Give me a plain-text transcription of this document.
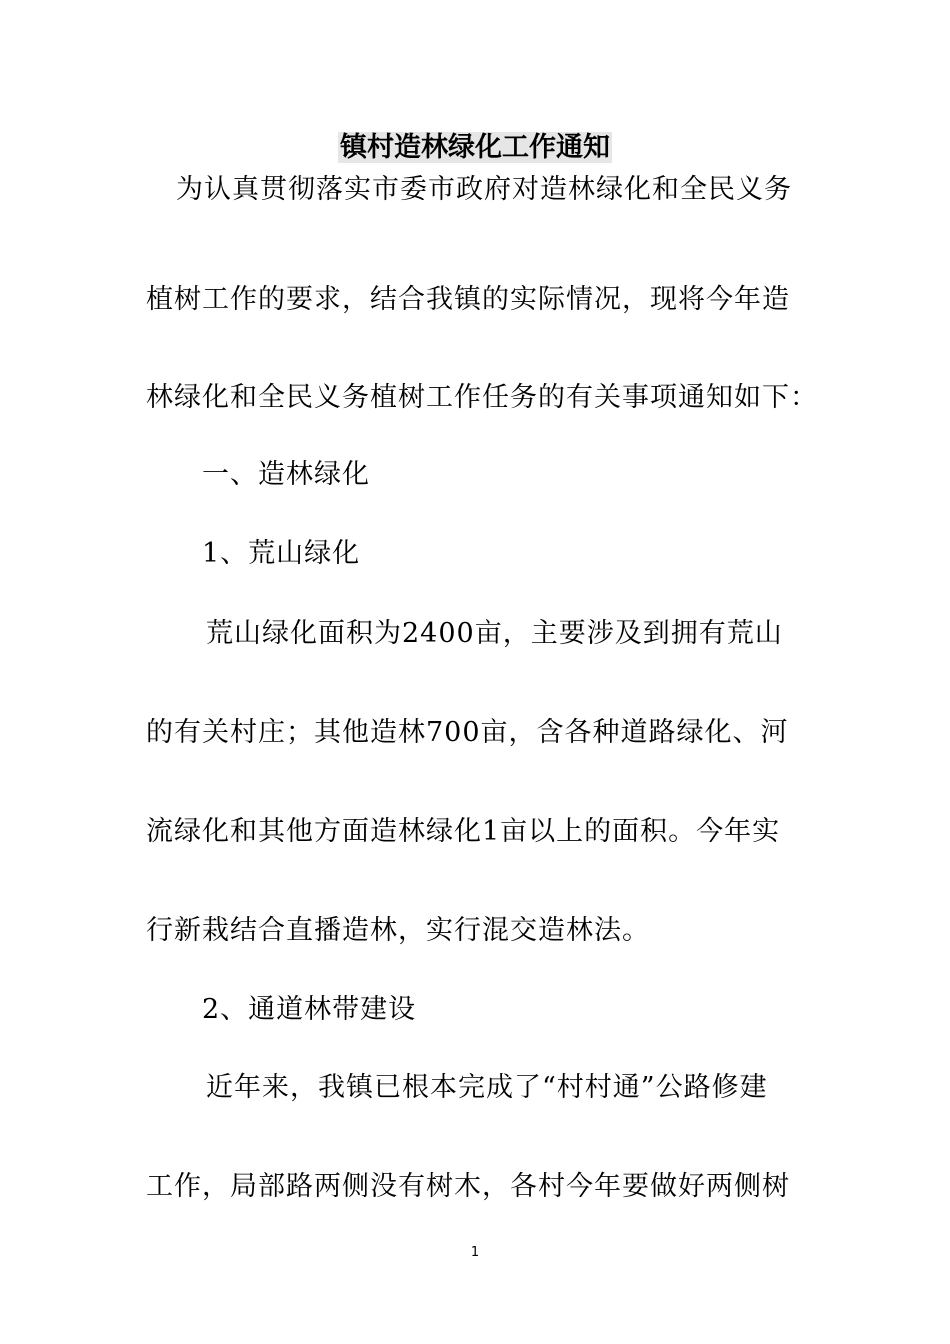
镇村造林绿化工作通知

为认真贯彻落实市委市政府对造林绿化和全民义务

植树工作的要求，结合我镇的实际情况，现将今年造

林绿化和全民义务植树工作任务的有关事项通知如下：

一、造林绿化

1、荒山绿化

荒山绿化面积为2400亩，主要涉及到拥有荒山

的有关村庄；其他造林700亩，含各种道路绿化、河

流绿化和其他方面造林绿化1亩以上的面积。今年实

行新栽结合直播造林，实行混交造林法。

2、通道林带建设

近年来，我镇已根本完成了“村村通”公路修建

工作，局部路两侧没有树木，各村今年要做好两侧树

1
